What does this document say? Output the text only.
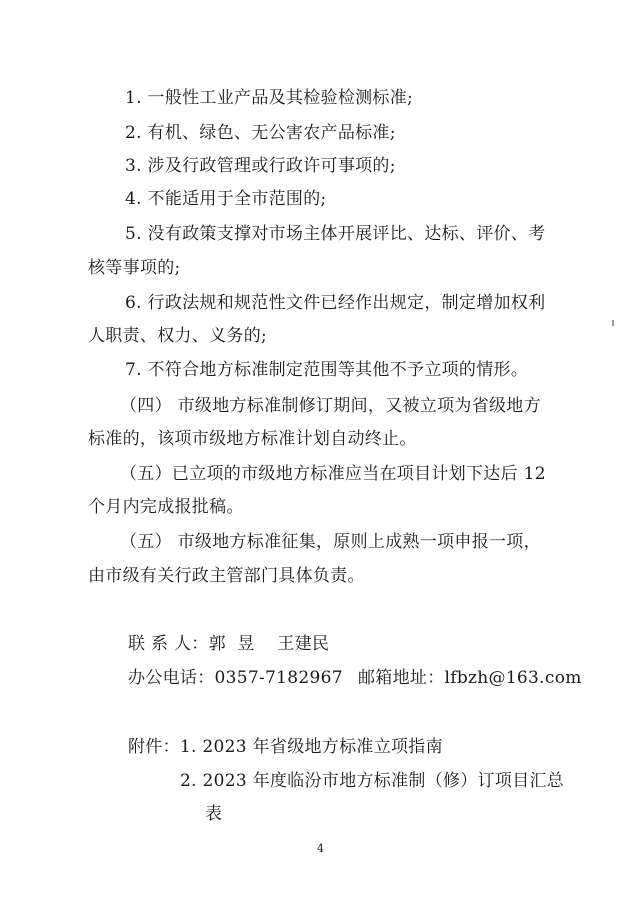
1. 一般性工业产品及其检验检测标准;
2. 有机、绿色、无公害农产品标准;
3. 涉及行政管理或行政许可事项的;
4. 不能适用于全市范围的;
5. 没有政策支撑对市场主体开展评比、达标、评价、考
核等事项的;
6. 行政法规和规范性文件已经作出规定，制定增加权利
人职责、权力、义务的;
7. 不符合地方标准制定范围等其他不予立项的情形。
（四） 市级地方标准制修订期间，又被立项为省级地方
标准的，该项市级地方标准计划自动终止。
（五）已立项的市级地方标准应当在项目计划下达后 12
个月内完成报批稿。
（五） 市级地方标准征集，原则上成熟一项申报一项，
由市级有关行政主管部门具体负责。
联 系 人：郭  昱    王建民
办公电话：0357-7182967 邮箱地址：lfbzh@163.com
附件：1. 2023 年省级地方标准立项指南
2. 2023 年度临汾市地方标准制（修）订项目汇总
表
4
